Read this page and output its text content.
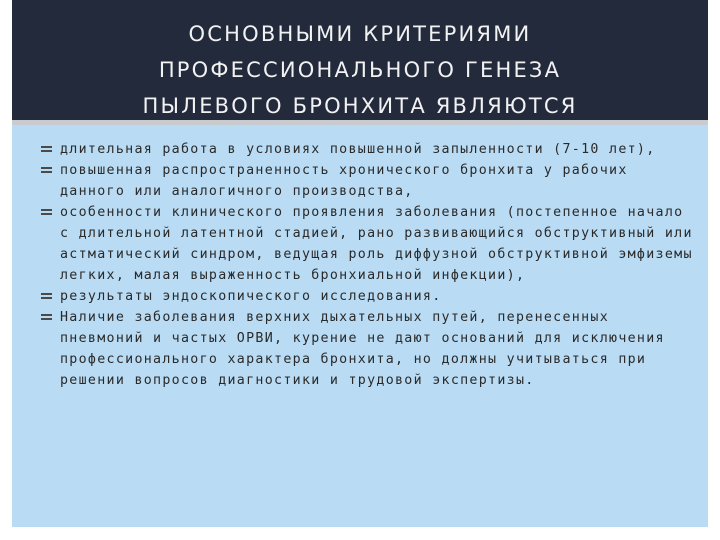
ОСНОВНЫМИ КРИТЕРИЯМИ
ПРОФЕССИОНАЛЬНОГО ГЕНЕЗА
ПЫЛЕВОГО БРОНХИТА ЯВЛЯЮТСЯ
длительная работа в условиях повышенной запыленности (7-10 лет),
повышенная распространенность хронического бронхита у рабочих данного или аналогичного производства,
особенности клинического проявления заболевания (постепенное начало с длительной латентной стадией, рано развивающийся обструктивный или астматический синдром, ведущая роль диффузной обструктивной эмфиземы легких, малая выраженность бронхиальной инфекции),
результаты эндоскопического исследования.
Наличие заболевания верхних дыхательных путей, перенесенных пневмоний и частых ОРВИ, курение не дают оснований для исключения профессионального характера бронхита, но должны учитываться при решении вопросов диагностики и трудовой экспертизы.
